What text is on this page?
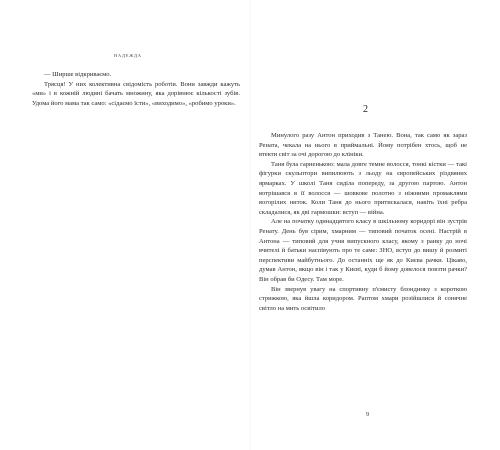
НАДЕЖДА

— Ширше відкриваємо.

Трясця! У них колективна свідомість роботів. Вони завжди кажуть «ми» і в кожній людині бачать множину, яка дорівнює кількості зубів. Удома його мама так само: «сідаємо їсти», «виходимо», «робимо уроки».

2

Минулого разу Антон приходив з Танею. Вона, так само як зараз Рената, чекала на нього в приймальні. Йому потрібен хтось, щоб не втекти світ за очі дорогою до клініки.

Таня була гарненькою: мала довге темне волосся, тонкі кістки — такі фігурки скульптори випилюють з льоду на європейських різдвяних ярмарках. У школі Таня сиділа попереду, за другою партою. Антон вотрішався в її волосся — шовкове полотно з ніжними промаклями вогорілих ниток. Коли Таня до нього притискалася, навіть їхні ребра складалися, як дві гармошки: вступ — війна.

Але на початку одинадцятого класу в шкільному коридорі він зустрів Ренату. День був сірим, хмарним — типовий початок осені. Настрій в Антона — типовий для учня випускного класу, якому з ранку до ночі вчителі й батьки наспівують про те саме: ЗНО, вступ до вишу й розмиті перспективи майбутнього. До останніх ще як до Києва рачки. Цікаво, думав Антон, якщо він і так у Києві, куди б йому довелося повзти рачки? Він обрав би Одесу. Там море.

Він звернув увагу на спортивну п'ємисту блондинку з короткою стрижкою, яка йшла коридором. Раптом хмари розійшлися й сонячне світло на мить освітило

9
